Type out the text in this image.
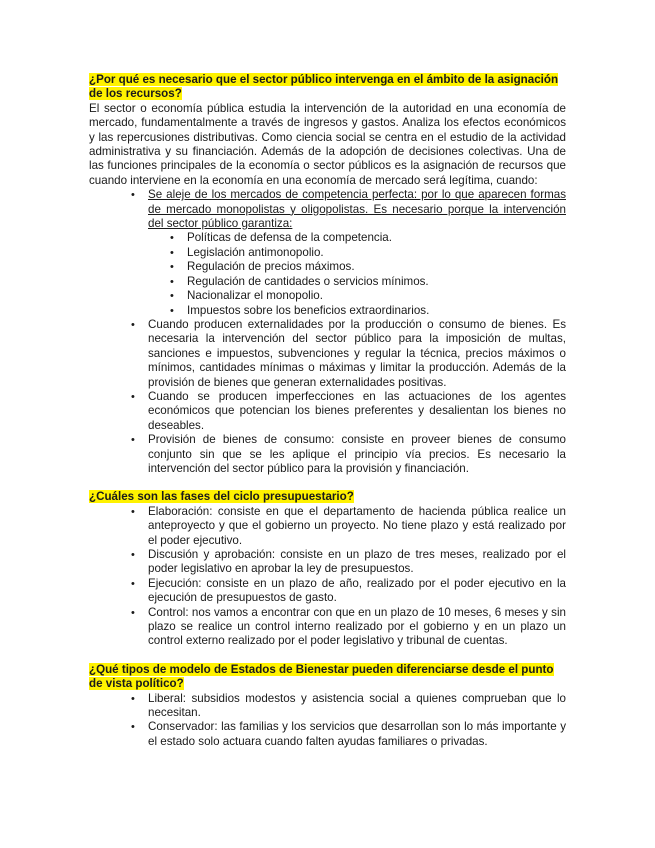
¿Por qué es necesario que el sector público intervenga en el ámbito de la asignación de los recursos?

El sector o economía pública estudia la intervención de la autoridad en una economía de mercado, fundamentalmente a través de ingresos y gastos. Analiza los efectos económicos y las repercusiones distributivas. Como ciencia social se centra en el estudio de la actividad administrativa y su financiación. Además de la adopción de decisiones colectivas. Una de las funciones principales de la economía o sector públicos es la asignación de recursos que cuando interviene en la economía en una economía de mercado será legítima, cuando:

• Se aleje de los mercados de competencia perfecta: por lo que aparecen formas de mercado monopolistas y oligopolistas. Es necesario porque la intervención del sector público garantiza:
• Políticas de defensa de la competencia.
• Legislación antimonopolio.
• Regulación de precios máximos.
• Regulación de cantidades o servicios mínimos.
• Nacionalizar el monopolio.
• Impuestos sobre los beneficios extraordinarios.
• Cuando producen externalidades por la producción o consumo de bienes. Es necesaria la intervención del sector público para la imposición de multas, sanciones e impuestos, subvenciones y regular la técnica, precios máximos o mínimos, cantidades mínimas o máximas y limitar la producción. Además de la provisión de bienes que generan externalidades positivas.
• Cuando se producen imperfecciones en las actuaciones de los agentes económicos que potencian los bienes preferentes y desalientan los bienes no deseables.
• Provisión de bienes de consumo: consiste en proveer bienes de consumo conjunto sin que se les aplique el principio vía precios. Es necesario la intervención del sector público para la provisión y financiación.

¿Cuáles son las fases del ciclo presupuestario?

• Elaboración: consiste en que el departamento de hacienda pública realice un anteproyecto y que el gobierno un proyecto. No tiene plazo y está realizado por el poder ejecutivo.
• Discusión y aprobación: consiste en un plazo de tres meses, realizado por el poder legislativo en aprobar la ley de presupuestos.
• Ejecución: consiste en un plazo de año, realizado por el poder ejecutivo en la ejecución de presupuestos de gasto.
• Control: nos vamos a encontrar con que en un plazo de 10 meses, 6 meses y sin plazo se realice un control interno realizado por el gobierno y en un plazo un control externo realizado por el poder legislativo y tribunal de cuentas.

¿Qué tipos de modelo de Estados de Bienestar pueden diferenciarse desde el punto de vista político?

• Liberal: subsidios modestos y asistencia social a quienes comprueban que lo necesitan.
• Conservador: las familias y los servicios que desarrollan son lo más importante y el estado solo actuara cuando falten ayudas familiares o privadas.
